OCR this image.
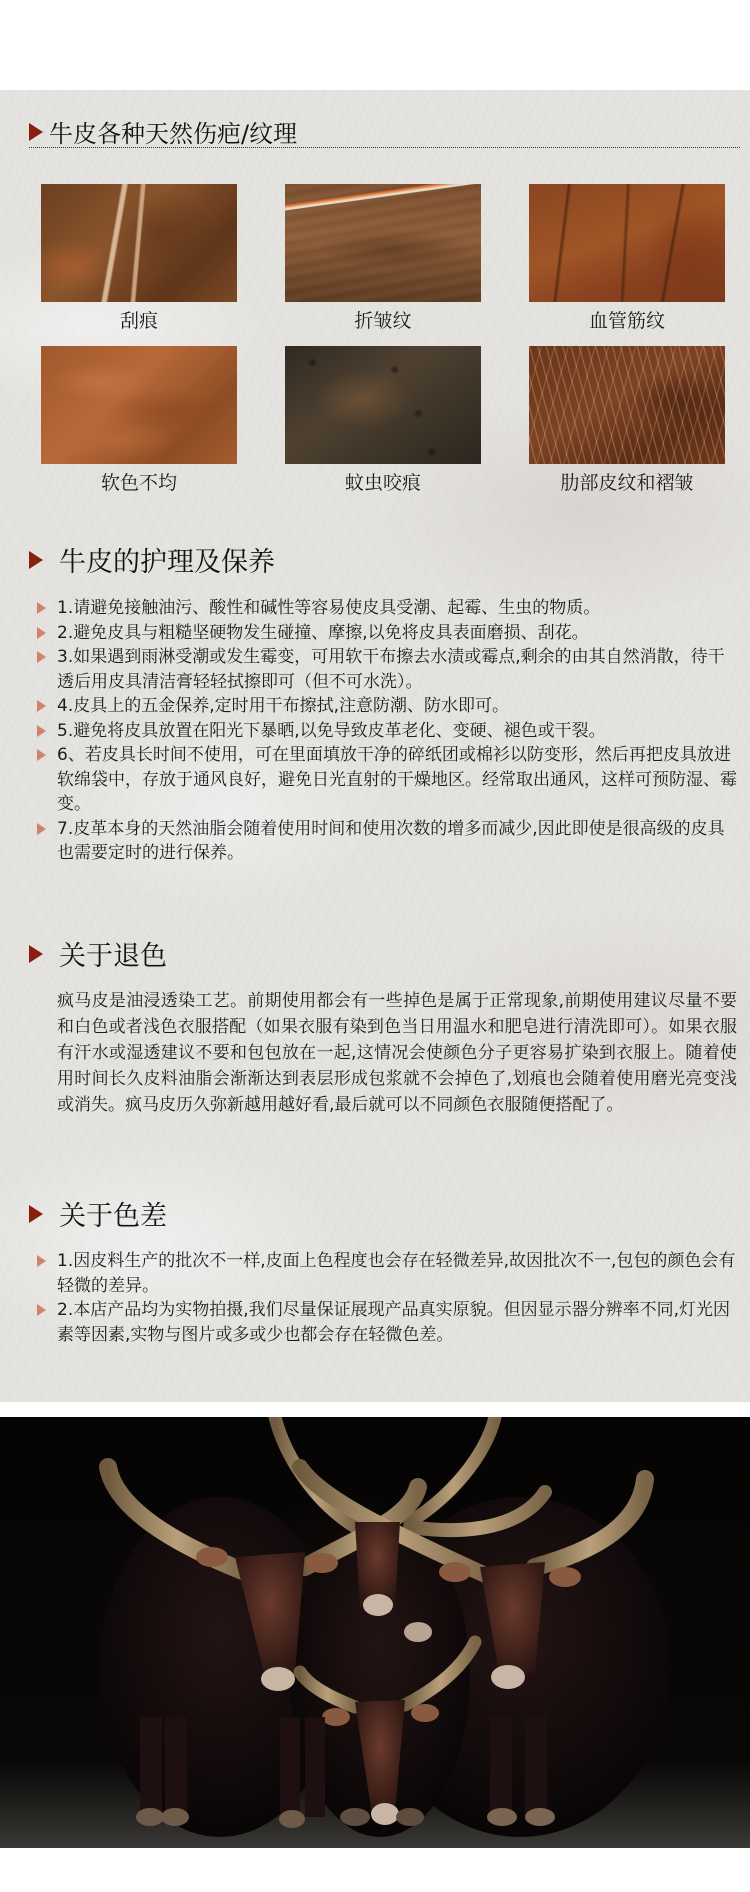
牛皮各种天然伤疤/纹理
刮痕	折皱纹	血管筋纹
软色不均	蚊虫咬痕	肋部皮纹和褶皱
牛皮的护理及保养
1.请避免接触油污、酸性和碱性等容易使皮具受潮、起霉、生虫的物质。
2.避免皮具与粗糙坚硬物发生碰撞、摩擦,以免将皮具表面磨损、刮花。
3.如果遇到雨淋受潮或发生霉变，可用软干布擦去水渍或霉点,剩余的由其自然消散，待干透后用皮具清洁膏轻轻拭擦即可（但不可水洗）。
4.皮具上的五金保养,定时用干布擦拭,注意防潮、防水即可。
5.避免将皮具放置在阳光下暴晒,以免导致皮革老化、变硬、褪色或干裂。
6、若皮具长时间不使用，可在里面填放干净的碎纸团或棉衫以防变形，然后再把皮具放进软绵袋中，存放于通风良好，避免日光直射的干燥地区。经常取出通风，这样可预防湿、霉变。
7.皮革本身的天然油脂会随着使用时间和使用次数的增多而减少,因此即使是很高级的皮具也需要定时的进行保养。
关于退色
疯马皮是油浸透染工艺。前期使用都会有一些掉色是属于正常现象,前期使用建议尽量不要和白色或者浅色衣服搭配（如果衣服有染到色当日用温水和肥皂进行清洗即可）。如果衣服有汗水或湿透建议不要和包包放在一起,这情况会使颜色分子更容易扩染到衣服上。随着使用时间长久皮料油脂会渐渐达到表层形成包浆就不会掉色了,划痕也会随着使用磨光亮变浅或消失。疯马皮历久弥新越用越好看,最后就可以不同颜色衣服随便搭配了。
关于色差
1.因皮料生产的批次不一样,皮面上色程度也会存在轻微差异,故因批次不一,包包的颜色会有轻微的差异。
2.本店产品均为实物拍摄,我们尽量保证展现产品真实原貌。但因显示器分辨率不同,灯光因素等因素,实物与图片或多或少也都会存在轻微色差。
